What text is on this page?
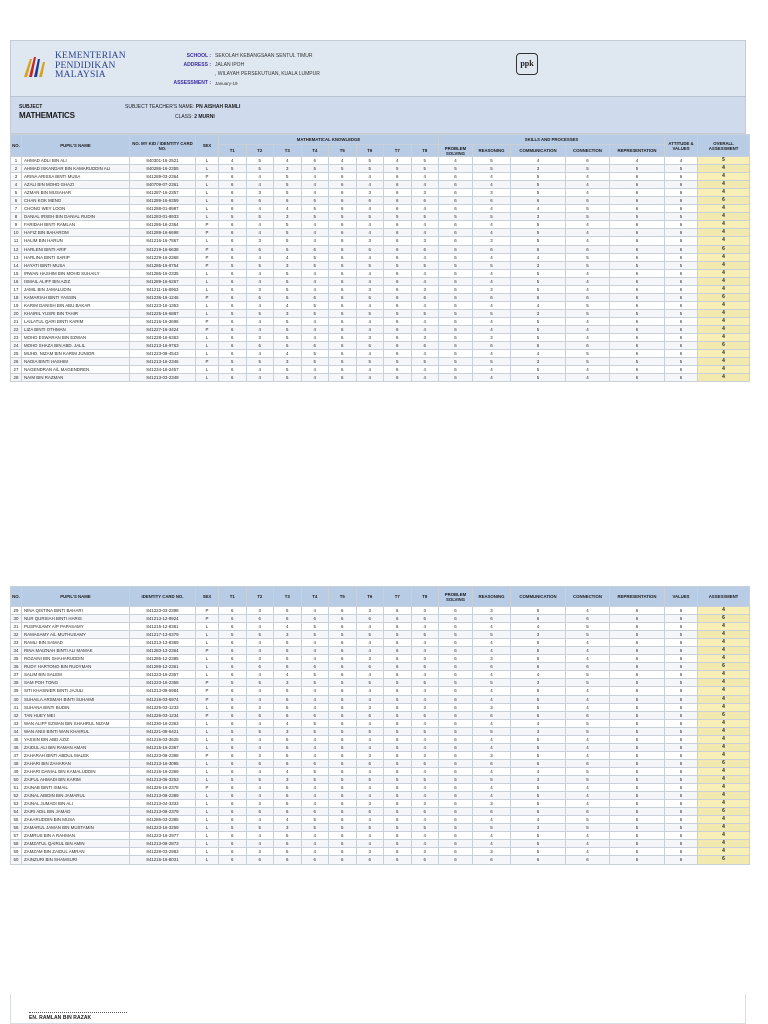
KEMENTERIAN
PENDIDIKAN
MALAYSIA
SCHOOL : SEKOLAH KEBANGSAAN SENTUL TIMUR
ADDRESS : JALAN IPOH
, WILAYAH PERSEKUTUAN, KUALA LUMPUR
ASSESSMENT : January-19
ppk
SUBJECT
MATHEMATICS
SUBJECT TEACHER'S NAME: PN AISHAH RAMLI
CLASS: 2 MURNI
NO.	PUPIL'S NAME	NO. MY KID / IDENTITY CARD NO.	SEX	MATHEMATICAL KNOWLEDGE								SKILLS AND PROCESSES					ATTITUDE & VALUES	OVERALL ASSESSMENT
				T1	T2	T3	T4	T5	T6	T7	T8	PROBLEM SOLVING	REASONING	COMMUNICATION	CONNECTION	REPRESENTATION		
1	AHMAD ADLI BIN ALI	840301-16-2521	L	4	5	4	6	4	5	4	5	4	5	4	6	4	4	5
2	AHMAD ISKANDAR BIN KAMARUDDIN ALI	840286-16-2355	L	5	5	3	5	5	5	5	5	5	5	3	5	5	5	4
3	ARINA ARISSA BINTI MUSA	841289-03-2364	P	6	4	5	4	6	4	6	4	6	4	5	4	6	6	4
4	AZALI BIN MOHD GHAZI	840709-07-2361	L	6	4	5	4	6	4	6	4	6	4	5	4	6	6	4
5	AZMAN BIN MUSAHAR	841287-16-2357	L	6	3	5	4	6	3	6	3	6	3	5	4	6	6	4
6	CHAN KOK MENG	841289-16-6359	L	6	6	6	6	6	6	6	6	6	6	6	6	6	6	6
7	CHONG WEY LOON	841288-01-8987	L	6	4	4	5	6	4	6	4	6	4	4	5	6	6	4
8	DANIAL IRSEH BIN DANIAL RUDIN	841283-01-8933	L	5	5	3	5	5	5	5	5	5	5	3	5	5	5	4
9	FARIDAH BINTI RAMLAN	841286-16-2364	P	6	4	5	4	6	4	6	4	6	4	5	4	6	6	4
10	HAFIZ BIN BAHAROM	841289-16-6698	P	6	4	5	4	6	4	6	4	6	4	5	4	6	6	4
11	HALIM BIN HARUN	841216-16-7867	L	6	3	5	4	6	3	6	3	6	3	5	4	6	6	4
12	HARLENI BINTI ARIF	841219-16-6638	P	6	6	6	6	6	6	6	6	6	6	6	6	6	6	6
13	HARLINA BINTI SARIP	841229-16-2368	P	6	4	4	5	6	4	6	4	6	4	4	5	6	6	4
14	HAYATI BINTI MUSA	841285-16-8754	P	5	5	3	5	5	5	5	5	5	5	3	5	5	5	4
15	IRWAN HASHIM BIN MOHD SUHAILY	841286-16-2335	L	6	4	5	4	6	4	6	4	6	4	5	4	6	6	4
16	ISMAIL ALIFF BIN AZIZ	841289-16-6267	L	6	4	5	4	6	4	6	4	6	4	5	4	6	6	4
17	JAMIL BIN JAMALUDIN	841211-16-8963	L	6	3	5	4	6	3	6	3	6	3	5	4	6	6	4
18	KAMARIAH BINTI YASSIN	841236-16-1246	P	6	6	6	6	6	6	6	6	6	6	6	6	6	6	6
19	KARIM DANISH BIN ABU BAKAR	841223-16-1353	L	6	4	4	5	6	4	6	4	6	4	4	5	6	6	4
20	KHAIRIL YUSRI BIN TAHIR	841225-16-6887	L	5	5	3	5	5	5	5	5	5	5	3	5	5	5	4
21	LAILATUL QARI BINTI KARIM	841216-16-3696	P	6	4	5	4	6	4	6	4	6	4	5	4	6	6	4
22	LIZA BINTI OTHMAN	841227-16-3424	P	6	4	5	4	6	4	6	4	6	4	5	4	6	6	4
23	MOHD ESWARAN BIN EZWAN	841228-16-6363	L	6	3	5	4	6	3	6	3	6	3	5	4	6	6	4
24	MOHD SHAZA BIN ABD. JALIL	841213-16-9763	L	6	6	6	6	6	6	6	6	6	6	6	6	6	6	6
25	MUHD. NIZAM BIN KARIM JUNIOR	841223-08-4543	L	6	4	4	5	6	4	6	4	6	4	4	5	6	6	4
26	NADIA BINTI HASHIM	841213-16-2346	P	5	5	3	5	5	5	5	5	5	5	3	5	5	5	4
27	NAGENDRAN A/L MAGENDREN	841234-16-2457	L	6	4	5	4	6	4	6	4	6	4	5	4	6	6	4
28	NAIM BIN RAZMAN	841213-03-2349	L	6	4	5	4	6	4	6	4	6	4	5	4	6	6	4
NO.	PUPIL'S NAME	IDENTITY CARD NO.	SEX	T1	T2	T3	T4	T5	T6	T7	T8	PROBLEM SOLVING	REASONING	COMMUNICATION	CONNECTION	REPRESENTATION	VALUES	ASSESSMENT
29	NINA QISTINA BINTI BAHARI	841223-03-2398	P	6	3	5	4	6	3	6	3	6	3	5	4	6	6	4
30	NUR QURSIAH BINTI HARIS	841213-12-8924	P	6	6	6	6	6	6	6	6	6	6	6	6	6	6	6
31	PUSPASAMY A/P PAPASAMY	841215-12-8361	L	6	4	4	5	6	4	6	4	6	4	4	5	6	6	4
32	RAMASAMY A/L MUTHUSAMY	841217-13-6379	L	5	5	3	5	5	5	5	5	5	5	3	5	5	5	4
33	RAMLI BIN SAMAD	841213-13-8369	L	6	4	5	4	6	4	6	4	6	4	5	4	6	6	4
34	RINA MAIZNAH BINTI ALI MAMAK	841283-13-2364	P	6	4	5	4	6	4	6	4	6	4	5	4	6	6	4
35	ROZAINI BIN SHAHARUDDIN	841285-12-2385	L	6	3	5	4	6	3	6	3	6	3	5	4	6	6	4
36	RUDY HARTONO BIN RUDYMAN	841289-12-2361	L	6	6	6	6	6	6	6	6	6	6	6	6	6	6	6
37	SALIM BIN SALEM	841223-16-2357	L	6	4	4	5	6	4	6	4	6	4	4	5	6	6	4
38	SAM POH TONG	841223-16-2358	P	5	5	3	5	5	5	5	5	5	5	3	5	5	5	4
39	SITI KHASNIER BINTI JAJULI	841213-08-5984	P	6	4	5	4	6	4	6	4	6	4	5	4	6	6	4
40	SUHAILA ARSMAH BINTI SUHAIMI	841216-03-6974	P	6	4	5	4	6	4	6	4	6	4	5	4	6	6	4
41	SUHANA BINTI BUDIN	841225-03-1233	L	6	3	5	4	6	3	6	3	6	3	5	4	6	6	4
42	TAN HUEY MEI	841226-03-1234	P	6	6	6	6	6	6	6	6	6	6	6	6	6	6	6
43	WAN ALIFF EZWAN BIN SHAHRUL NIZAM	841230-16-2363	L	6	4	4	5	6	4	6	4	6	4	4	5	6	6	4
44	WAN ANIS BINTI WAN KHAIRUL	841221-08-6421	L	5	5	3	5	5	5	5	5	5	5	3	5	5	5	4
45	YASSIN BIN ABD AZIZ	841216-03-3625	L	6	4	5	4	6	4	6	4	6	4	5	4	6	6	4
46	ZAIDUL ALI BIN RAMAN AMAN	841215-16-2367	L	6	4	5	4	6	4	6	4	6	4	5	4	6	6	4
47	ZAHARAH BINTI ABDUL MALEK	841223-08-2398	P	6	3	5	4	6	3	6	3	6	3	5	4	6	6	4
48	ZAHARI BIN ZAHARAN	841213-16-3095	L	6	6	6	6	6	6	6	6	6	6	6	6	6	6	6
49	ZAHARI DANIAL BIN KAMALUDDIN	841216-16-2369	L	6	4	4	5	6	4	6	4	6	4	4	5	6	6	4
50	ZAIFUL AHMADI BIN KARIM	841213-06-3253	L	5	5	3	5	5	5	5	5	5	5	3	5	5	5	4
51	ZAINAB BINTI ISMAIL	841226-16-2378	P	6	4	5	4	6	4	6	4	6	4	5	4	6	6	4
52	ZAINAL ABIDIN BIN JAMARUL	841213-08-2389	L	6	4	5	4	6	4	6	4	6	4	5	4	6	6	4
53	ZAINAL JUMADI BIN ALI	841213-04-3333	L	6	3	5	4	6	3	6	3	6	3	5	4	6	6	4
54	ZAIRI ADIL BIN JAMAD	841213-08-2379	L	6	6	6	6	6	6	6	6	6	6	6	6	6	6	6
55	ZAKARUDDIN BIN MUSA	841286-03-2385	L	6	4	4	5	6	4	6	4	6	4	4	5	6	6	4
56	ZAMARUL JAMAN BIN MUSTAMIN	841223-16-3259	L	5	5	3	5	5	5	5	5	5	5	3	5	5	5	4
57	ZAMRUS BIN A RAHMAN	841223-16-2977	L	6	4	5	4	6	4	6	4	6	4	5	4	6	6	4
58	ZAMZATUL QAIRUL BIN AMIN	841213-08-2873	L	6	4	5	4	6	4	6	4	6	4	5	4	6	6	4
59	ZAMZAM BIN ZAIDUL AMRAN	841228-03-2983	L	6	3	5	4	6	3	6	3	6	3	5	4	6	6	4
60	ZAINZURI BIN SHAMSURI	841216-16-8031	L	6	6	6	6	6	6	6	6	6	6	6	6	6	6	6
EN. RAMLAN BIN RAZAK
